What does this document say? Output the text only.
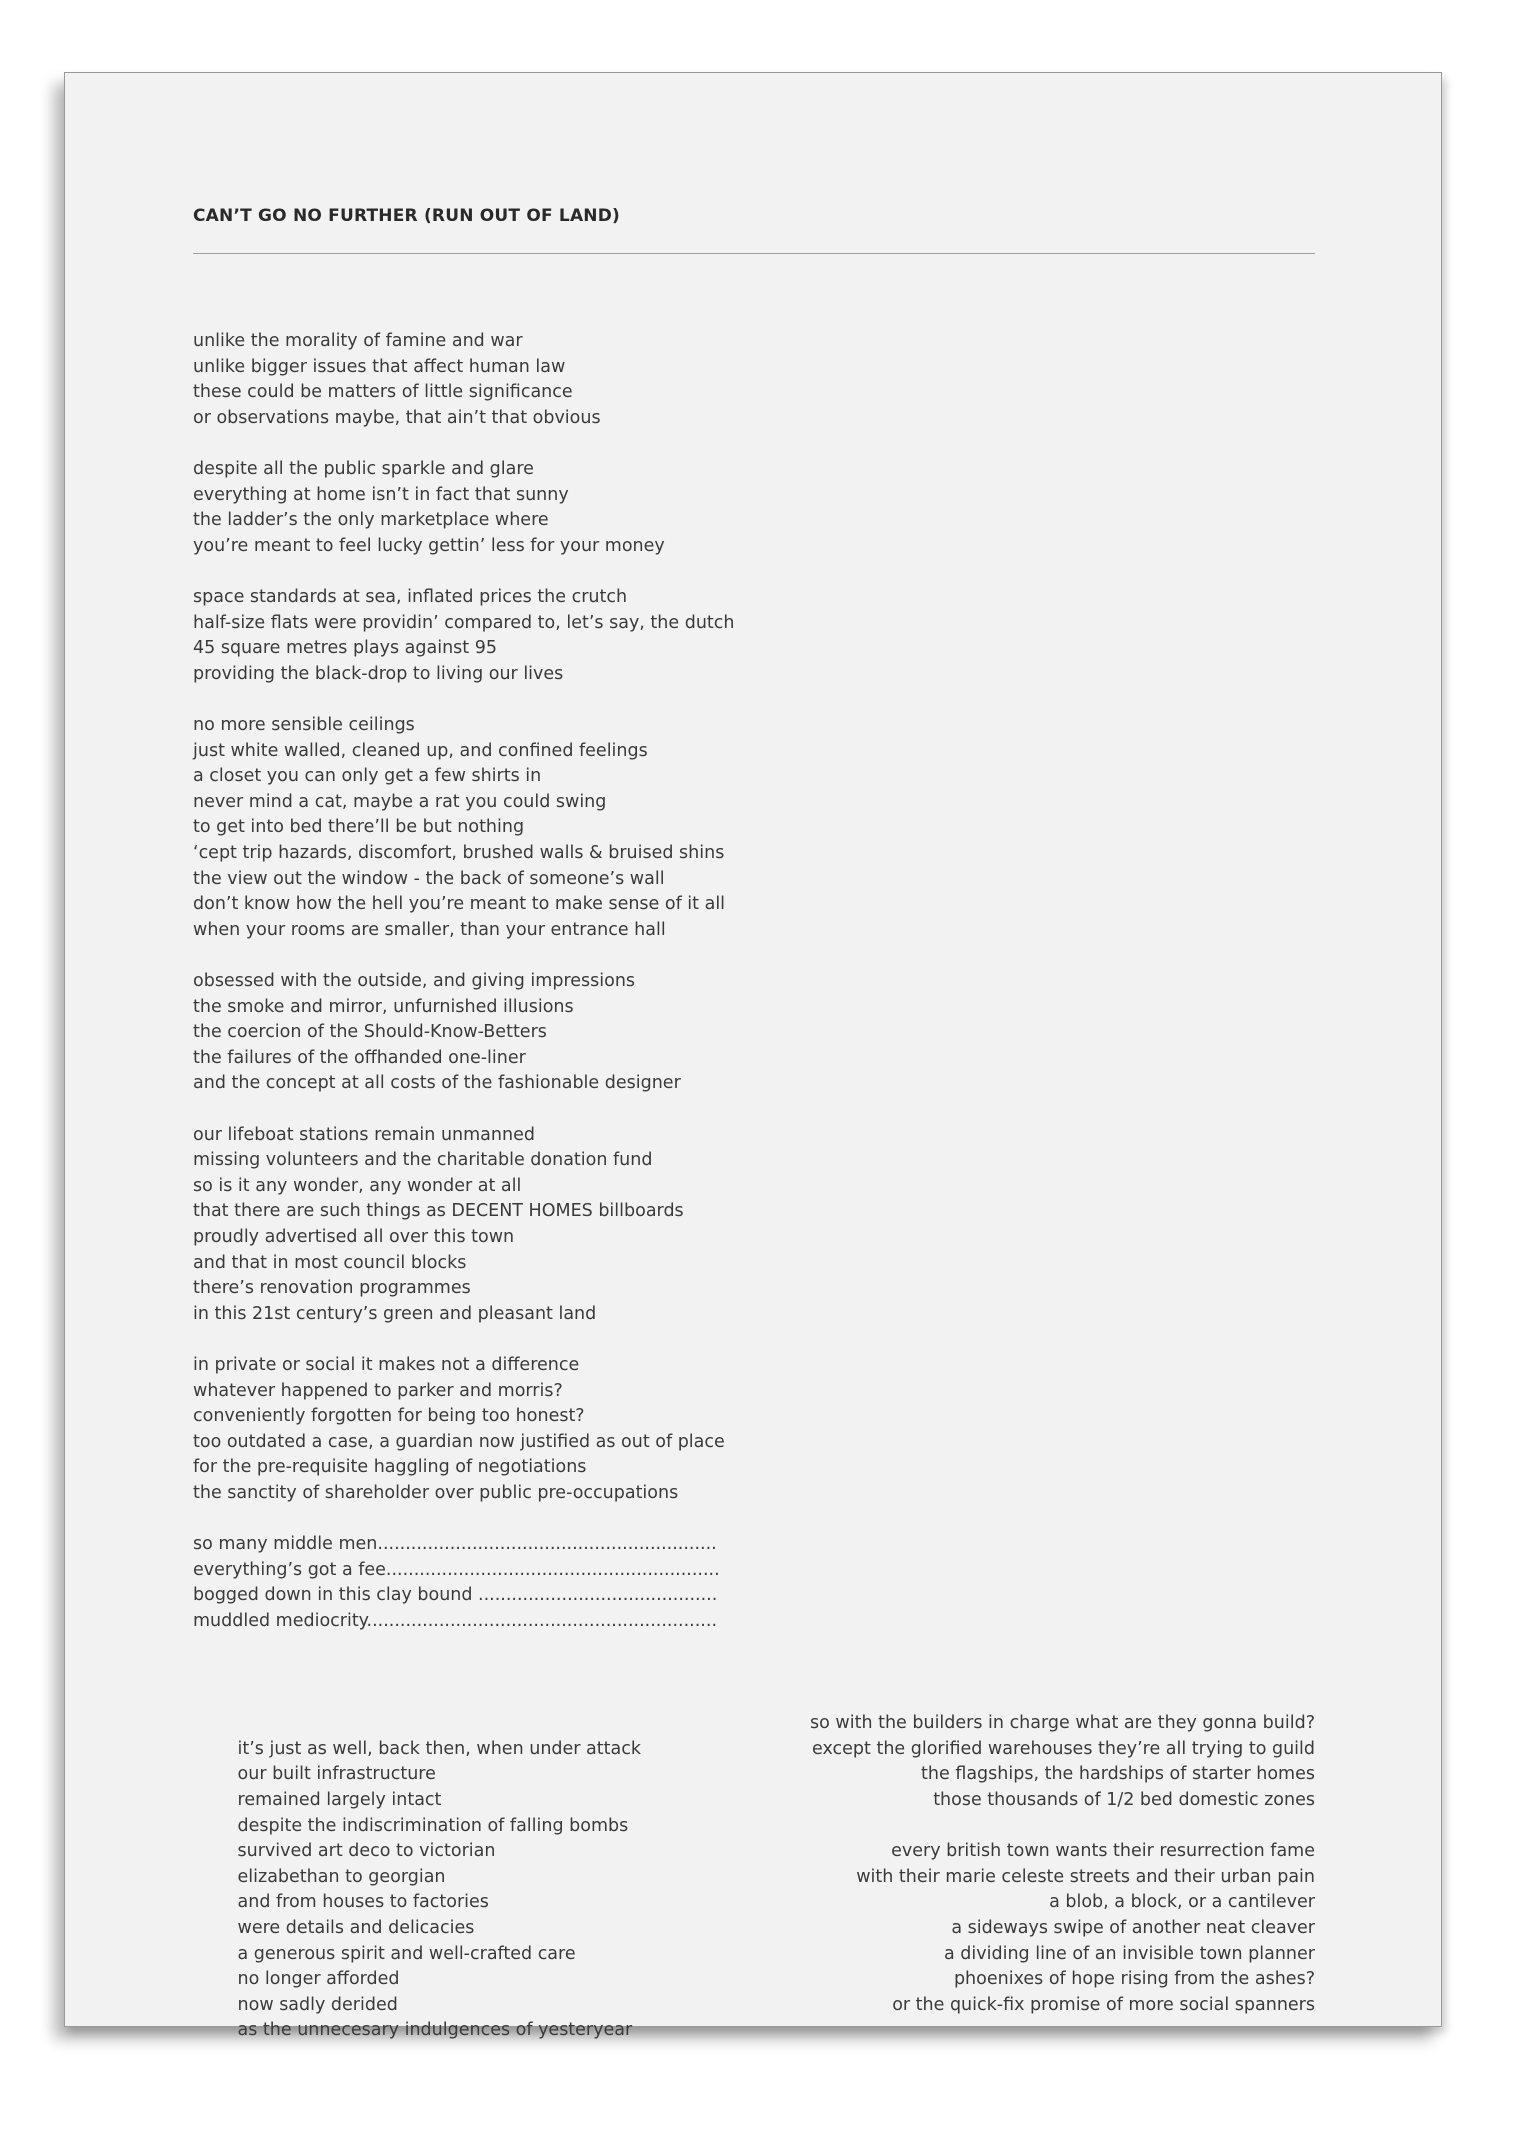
CAN’T GO NO FURTHER (RUN OUT OF LAND)

unlike the morality of famine and war
unlike bigger issues that affect human law
these could be matters of little significance
or observations maybe, that ain’t that obvious
despite all the public sparkle and glare
everything at home isn’t in fact that sunny
the ladder’s the only marketplace where
you’re meant to feel lucky gettin’ less for your money
space standards at sea, inflated prices the crutch
half-size flats were providin’ compared to, let’s say, the dutch
45 square metres plays against 95
providing the black-drop to living our lives
no more sensible ceilings
just white walled, cleaned up, and confined feelings
a closet you can only get a few shirts in
never mind a cat, maybe a rat you could swing
to get into bed there’ll be but nothing
‘cept trip hazards, discomfort, brushed walls & bruised shins
the view out the window - the back of someone’s wall
don’t know how the hell you’re meant to make sense of it all
when your rooms are smaller, than your entrance hall
obsessed with the outside, and giving impressions
the smoke and mirror, unfurnished illusions
the coercion of the Should-Know-Betters
the failures of the offhanded one-liner
and the concept at all costs of the fashionable designer
our lifeboat stations remain unmanned
missing volunteers and the charitable donation fund
so is it any wonder, any wonder at all
that there are such things as DECENT HOMES billboards
proudly advertised all over this town
and that in most council blocks
there’s renovation programmes
in this 21st century’s green and pleasant land
in private or social it makes not a difference
whatever happened to parker and morris?
conveniently forgotten for being too honest?
too outdated a case, a guardian now justified as out of place
for the pre-requisite haggling of negotiations
the sanctity of shareholder over public pre-occupations
so many middle men.............................................................
everything’s got a fee............................................................
bogged down in this clay bound ...........................................
muddled mediocrity...............................................................

it’s just as well, back then, when under attack
our built infrastructure
remained largely intact
despite the indiscrimination of falling bombs
survived art deco to victorian
elizabethan to georgian
and from houses to factories
were details and delicacies
a generous spirit and well-crafted care
no longer afforded
now sadly derided
as the unnecesary indulgences of yesteryear

so with the builders in charge what are they gonna build?
except the glorified warehouses they’re all trying to guild
the flagships, the hardships of starter homes
those thousands of 1/2 bed domestic zones
every british town wants their resurrection fame
with their marie celeste streets and their urban pain
a blob, a block, or a cantilever
a sideways swipe of another neat cleaver
a dividing line of an invisible town planner
phoenixes of hope rising from the ashes?
or the quick-fix promise of more social spanners
